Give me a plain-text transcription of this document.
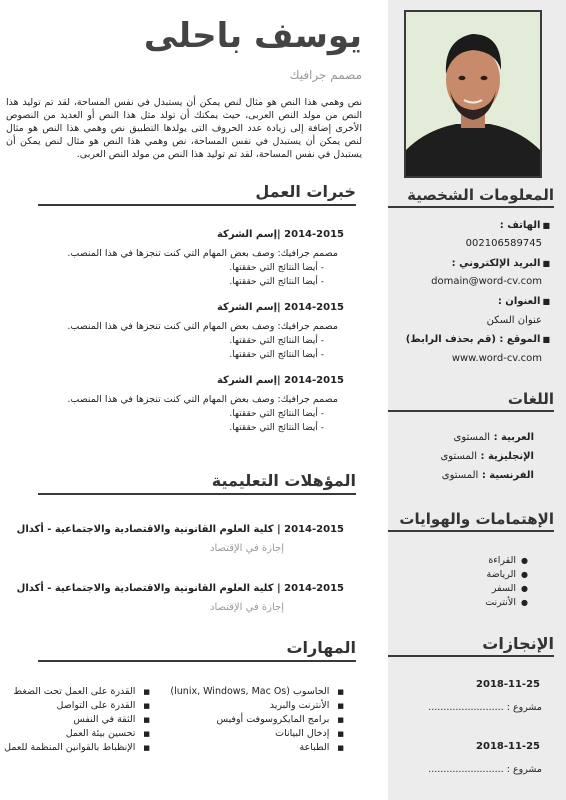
المعلومات الشخصية
■الهاتف :
002106589745
■البريد الإلكتروني :
domain@word-cv.com
■العنوان :
عنوان السكن
■الموقع : (قم بحذف الرابط)
www.word-cv.com
اللغات
العربية : المستوى
الإنجليزية : المستوى
الفرنسية : المستوى
الإهتمامات والهوايات
● القراءة
● الرياضة
● السفر
● الأنترنت
الإنجازات
2018-11-25
مشروع : .........................
2018-11-25
مشروع : .........................
يوسف باحلى
مصمم جرافيك
نص وهمي هذا النص هو مثال لنص يمكن أن يستبدل في نفس المساحة، لقد تم توليد هذا النص من مولد النص العربى، حيث يمكنك أن تولد مثل هذا النص أو العديد من النصوص الأخرى إضافة إلى زيادة عدد الحروف التى يولدها التطبيق نص وهمي هذا النص هو مثال لنص يمكن أن يستبدل في نفس المساحة، نص وهمي هذا النص هو مثال لنص يمكن أن يستبدل في نفس المساحة، لقد تم توليد هذا النص من مولد النص العربى.
خبرات العمل
2014-2015 |إسم الشركة
مصمم جرافيك: وصف بعض المهام التي كنت تنجزها في هذا المنصب.
- أيضا النتائج التي حققتها.
- أيضا النتائج التي حققتها.
2014-2015 |إسم الشركة
مصمم جرافيك: وصف بعض المهام التي كنت تنجزها في هذا المنصب.
- أيضا النتائج التي حققتها.
- أيضا النتائج التي حققتها.
2014-2015 |إسم الشركة
مصمم جرافيك: وصف بعض المهام التي كنت تنجزها في هذا المنصب.
- أيضا النتائج التي حققتها.
- أيضا النتائج التي حققتها.
المؤهلات التعليمية
2014-2015 | كلية العلوم القانونية والاقتصادية والاجتماعية - أكدال
إجازة في الإقتصاد
2014-2015 | كلية العلوم القانونية والاقتصادية والاجتماعية - أكدال
إجازة في الإقتصاد
المهارات
■الحاسوب (lunix, Windows, Mac Os)
■الأنترنت والبريد
■برامج المايكروسوفت أوفيس
■إدخال البيانات
■الطباعة
■القدرة على العمل تحت الضغط
■القدرة على التواصل
■الثقة في النفس
■تحسين بيئة العمل
■الإنظباط بالقوانين المنظمة للعمل
